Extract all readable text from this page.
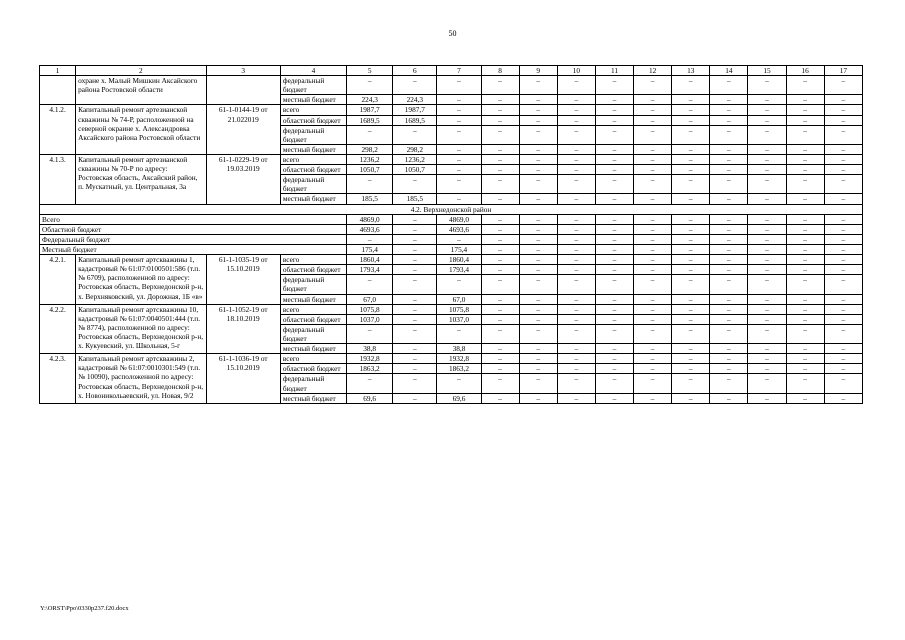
50
1	2	3	4	5	6	7	8	9	10	11	12	13	14	15	16	17
	охране х. Малый Мишкин Аксайского района Ростовской области		федеральный бюджет	–	–	–	–	–	–	–	–	–	–	–	–	–
			местный бюджет	224,3	224,3	–	–	–	–	–	–	–	–	–	–	–
4.1.2.	Капитальный ремонт артезианской скважины № 74-Р, расположенной на северной окраине х. Александровка Аксайского района Ростовской области	61-1-0144-19 от 21.022019	всего	1987,7	1987,7	–	–	–	–	–	–	–	–	–	–	–
			областной бюджет	1689,5	1689,5	–	–	–	–	–	–	–	–	–	–	–
			федеральный бюджет	–	–	–	–	–	–	–	–	–	–	–	–	–
			местный бюджет	298,2	298,2	–	–	–	–	–	–	–	–	–	–	–
4.1.3.	Капитальный ремонт артезианской скважины № 70-Р по адресу: Ростовская область, Аксайский район, п. Мускатный, ул. Центральная, 3а	61-1-0229-19 от 19.03.2019	всего	1236,2	1236,2	–	–	–	–	–	–	–	–	–	–	–
			областной бюджет	1050,7	1050,7	–	–	–	–	–	–	–	–	–	–	–
			федеральный бюджет	–	–	–	–	–	–	–	–	–	–	–	–	–
			местный бюджет	185,5	185,5	–	–	–	–	–	–	–	–	–	–	–
4.2. Верхнедонской район																
Всего				4869,0	–	4869,0	–	–	–	–	–	–	–	–	–	–
Областной бюджет				4693,6	–	4693,6	–	–	–	–	–	–	–	–	–	–
Федеральный бюджет				–	–	–	–	–	–	–	–	–	–	–	–	–
Местный бюджет				175,4	–	175,4	–	–	–	–	–	–	–	–	–	–
4.2.1.	Капитальный ремонт артскважины 1, кадастровый № 61:07:0100501:586 (т.п. № 6709), расположенной по адресу: Ростовская область, Верхнедонской р-н, х. Верхняковский, ул. Дорожная, 1Б «в»	61-1-1035-19 от 15.10.2019	всего	1860,4	–	1860,4	–	–	–	–	–	–	–	–	–	–
			областной бюджет	1793,4	–	1793,4	–	–	–	–	–	–	–	–	–	–
			федеральный бюджет	–	–	–	–	–	–	–	–	–	–	–	–	–
			местный бюджет	67,0	–	67,0	–	–	–	–	–	–	–	–	–	–
4.2.2.	Капитальный ремонт артскважины 10, кадастровый № 61:07:0040501:444 (т.п. № 8774), расположенной по адресу: Ростовская область, Верхнедонской р-н, х. Кукуевский, ул. Школьная, 5-г	61-1-1052-19 от 18.10.2019	всего	1075,8	–	1075,8	–	–	–	–	–	–	–	–	–	–
			областной бюджет	1037,0	–	1037,0	–	–	–	–	–	–	–	–	–	–
			федеральный бюджет	–	–	–	–	–	–	–	–	–	–	–	–	–
			местный бюджет	38,8	–	38,8	–	–	–	–	–	–	–	–	–	–
4.2.3.	Капитальный ремонт артскважины 2, кадастровый № 61:07:0010301:549 (т.п. № 10090), расположенной по адресу: Ростовская область, Верхнедонской р-н, х. Новоникольаевский, ул. Новая, 9/2	61-1-1036-19 от 15.10.2019	всего	1932,8	–	1932,8	–	–	–	–	–	–	–	–	–	–
			областной бюджет	1863,2	–	1863,2	–	–	–	–	–	–	–	–	–	–
			федеральный бюджет	–	–	–	–	–	–	–	–	–	–	–	–	–
			местный бюджет	69,6	–	69,6	–	–	–	–	–	–	–	–	–	–
Y:\ORST\Ppo\0330p237.f20.docx
